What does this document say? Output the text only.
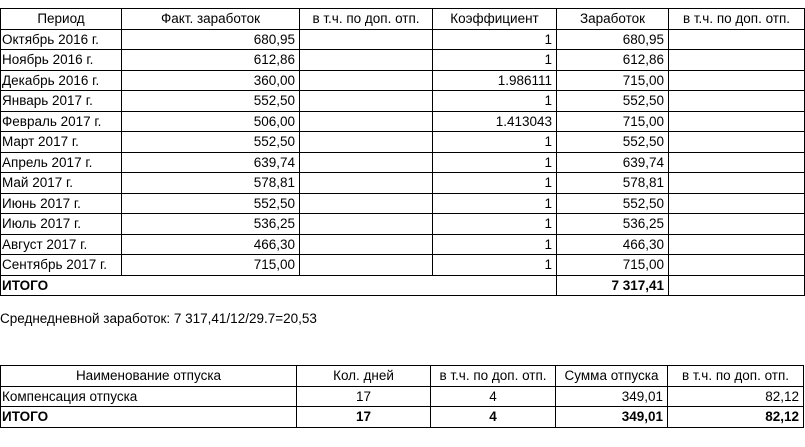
Период	Факт. заработок	в т.ч. по доп. отп.	Коэффициент	Заработок	в т.ч. по доп. отп.
Октябрь 2016 г.	680,95		1	680,95	
Ноябрь 2016 г.	612,86		1	612,86	
Декабрь 2016 г.	360,00		1.986111	715,00	
Январь 2017 г.	552,50		1	552,50	
Февраль 2017 г.	506,00		1.413043	715,00	
Март 2017 г.	552,50		1	552,50	
Апрель 2017 г.	639,74		1	639,74	
Май 2017 г.	578,81		1	578,81	
Июнь 2017 г.	552,50		1	552,50	
Июль 2017 г.	536,25		1	536,25	
Август 2017 г.	466,30		1	466,30	
Сентябрь 2017 г.	715,00		1	715,00	
ИТОГО				7 317,41	
Среднедневной заработок: 7 317,41/12/29.7=20,53
Наименование отпуска	Кол. дней	в т.ч. по доп. отп.	Сумма отпуска	в т.ч. по доп. отп.
Компенсация отпуска	17	4	349,01	82,12
ИТОГО	17	4	349,01	82,12
